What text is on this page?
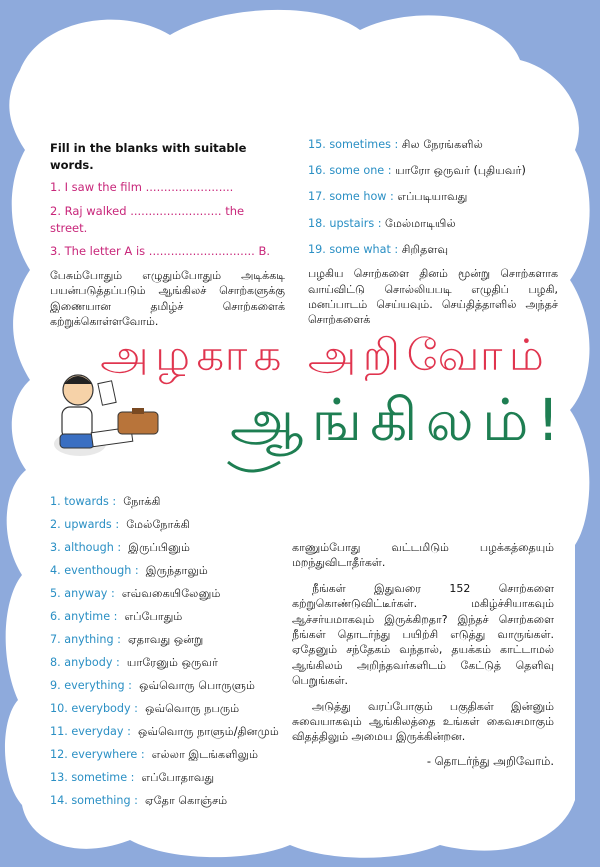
Fill in the blanks with suitable words.
1. I saw the film ........................
2. Raj walked ......................... the street.
3. The letter A is ............................. B.

பேசும்போதும் எழுதும்போதும் அடிக்கடி பயன்படுத்தப்படும் ஆங்கிலச் சொற்களுக்கு இணையான தமிழ்ச் சொற்களைக் கற்றுக்கொள்ளவோம்.

15. sometimes : சில நேரங்களில்
16. some one : யாரோ ஒருவர் (புதியவர்)
17. some how : எப்படியாவது
18. upstairs : மேல்மாடியில்
19. some what : சிறிதளவு

பழகிய சொற்களை தினம் மூன்று சொற்களாக வாய்விட்டு சொல்லியபடி எழுதிப் பழகி, மனப்பாடம் செய்யவும். செய்தித்தாளில் அந்தச் சொற்களைக்

அழகாக அறிவோம்
ஆங்கிலம்!
1. towards : நோக்கி
2. upwards : மேல்நோக்கி
3. although : இருப்பினும்
4. eventhough : இருந்தாலும்
5. anyway : எவ்வகையிலேனும்
6. anytime : எப்போதும்
7. anything : ஏதாவது ஒன்று
8. anybody : யாரேனும் ஒருவர்
9. everything : ஒவ்வொரு பொருளும்
10. everybody : ஒவ்வொரு நபரும்
11. everyday : ஒவ்வொரு நாளும்/தினமும்
12. everywhere : எல்லா இடங்களிலும்
13. sometime : எப்போதாவது
14. something : ஏதோ கொஞ்சம்

காணும்போது வட்டமிடும் பழக்கத்தையும் மறந்துவிடாதீர்கள்.

நீங்கள் இதுவரை 152 சொற்களை கற்றுகொண்டுவிட்டீர்கள். மகிழ்ச்சியாகவும் ஆச்சர்யமாகவும் இருக்கிறதா? இந்தச் சொற்களை நீங்கள் தொடர்ந்து பயிற்சி எடுத்து வாருங்கள். ஏதேனும் சந்தேகம் வந்தால், தயக்கம் காட்டாமல் ஆங்கிலம் அறிந்தவர்களிடம் கேட்டுத் தெளிவு பெறுங்கள்.

அடுத்து வரப்போகும் பகுதிகள் இன்னும் சுவையாகவும் ஆங்கிலத்தை உங்கள் கைவசமாகும் விதத்திலும் அமைய இருக்கின்றன.

- தொடர்ந்து அறிவோம்.
